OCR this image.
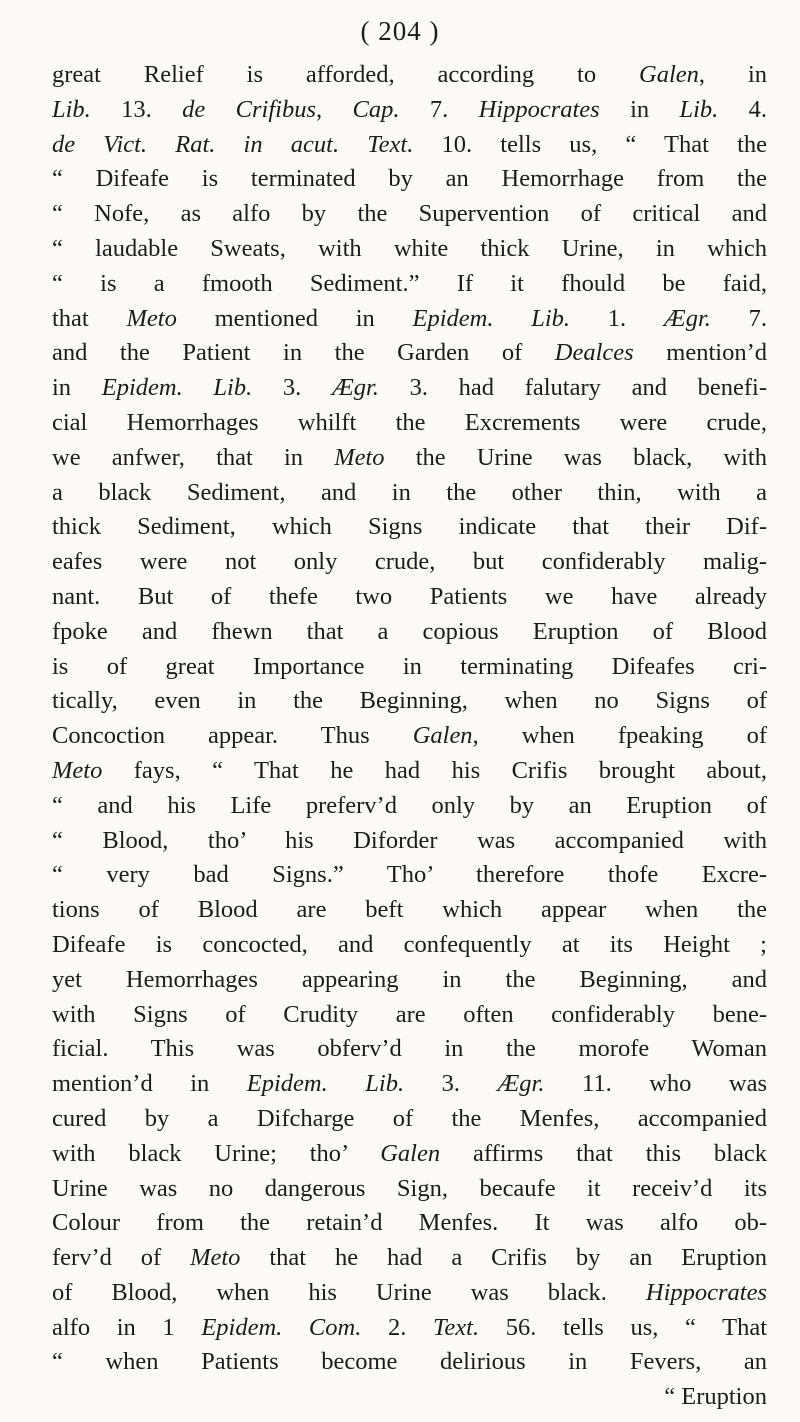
( 204 )
great Relief is afforded, according to Galen, in
Lib. 13. de Crifibus, Cap. 7. Hippocrates in Lib. 4.
de Vict. Rat. in acut. Text. 10. tells us, “ That the
“ Difeafe is terminated by an Hemorrhage from the
“ Nofe, as alfo by the Supervention of critical and
“ laudable Sweats, with white thick Urine, in which
“ is a fmooth Sediment.” If it fhould be faid,
that Meto mentioned in Epidem. Lib. 1. Ægr. 7.
and the Patient in the Garden of Dealces mention’d
in Epidem. Lib. 3. Ægr. 3. had falutary and benefi-
cial Hemorrhages whilft the Excrements were crude,
we anfwer, that in Meto the Urine was black, with
a black Sediment, and in the other thin, with a
thick Sediment, which Signs indicate that their Dif-
eafes were not only crude, but confiderably malig-
nant. But of thefe two Patients we have already
fpoke and fhewn that a copious Eruption of Blood
is of great Importance in terminating Difeafes cri-
tically, even in the Beginning, when no Signs of
Concoction appear. Thus Galen, when fpeaking of
Meto fays, “ That he had his Crifis brought about,
“ and his Life preferv’d only by an Eruption of
“ Blood, tho’ his Diforder was accompanied with
“ very bad Signs.” Tho’ therefore thofe Excre-
tions of Blood are beft which appear when the
Difeafe is concocted, and confequently at its Height ;
yet Hemorrhages appearing in the Beginning, and
with Signs of Crudity are often confiderably bene-
ficial. This was obferv’d in the morofe Woman
mention’d in Epidem. Lib. 3. Ægr. 11. who was
cured by a Difcharge of the Menfes, accompanied
with black Urine; tho’ Galen affirms that this black
Urine was no dangerous Sign, becaufe it receiv’d its
Colour from the retain’d Menfes. It was alfo ob-
ferv’d of Meto that he had a Crifis by an Eruption
of Blood, when his Urine was black. Hippocrates
alfo in 1 Epidem. Com. 2. Text. 56. tells us, “ That
“ when Patients become delirious in Fevers, an
“ Eruption
